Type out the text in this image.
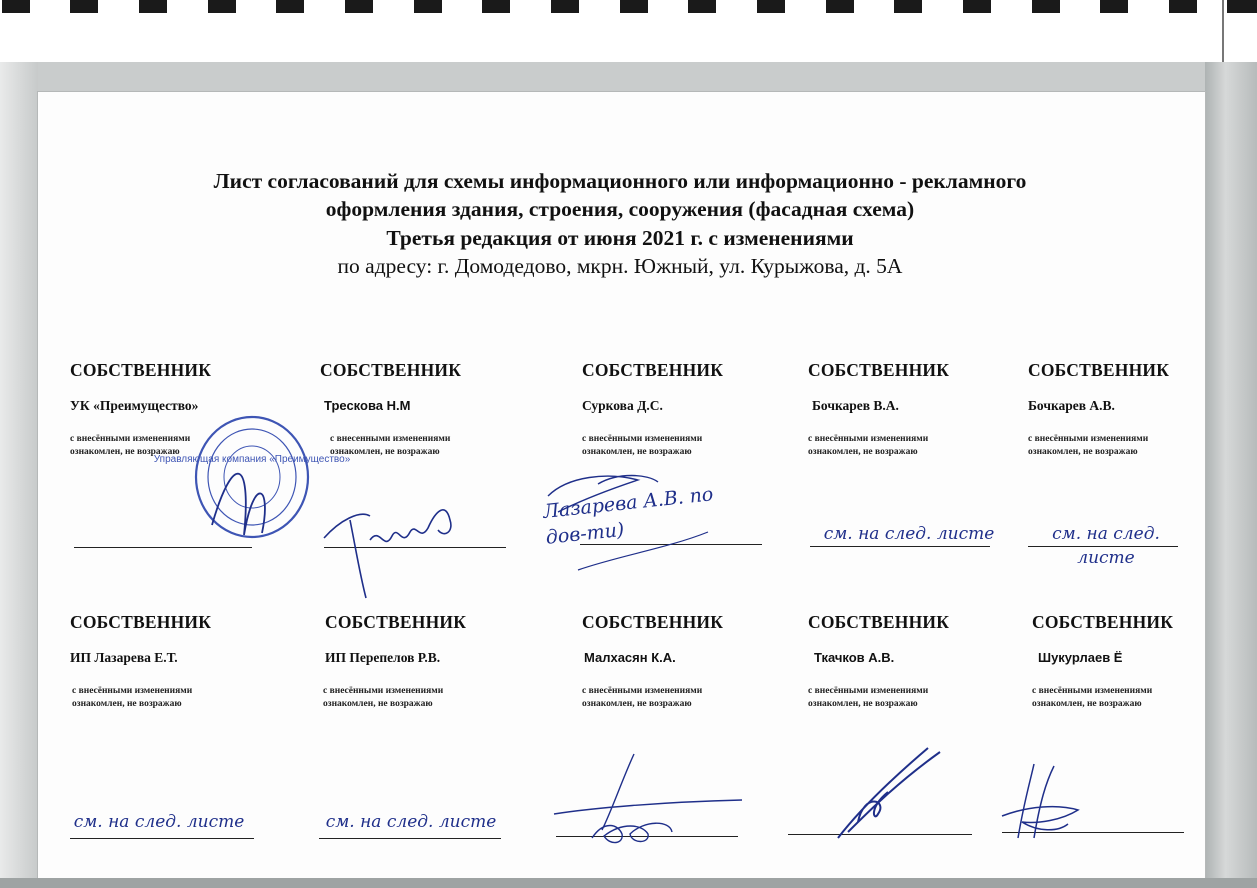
Лист согласований для схемы информационного или информационно - рекламного
оформления здания, строения, сооружения (фасадная схема)
Третья редакция от июня 2021 г. с изменениями
по адресу: г. Домодедово, мкрн. Южный, ул. Курыжова, д. 5А
СОБСТВЕННИК
УК «Преимущество»
с внесёнными изменениями
ознакомлен, не возражаю
Управляющая компания «Преимущество»
СОБСТВЕННИК
Трескова Н.М
с внесенными изменениями
ознакомлен, не возражаю
СОБСТВЕННИК
Суркова Д.С.
с внесёнными изменениями
ознакомлен, не возражаю
Лазарева А.В. по дов-ти)
СОБСТВЕННИК
Бочкарев В.А.
с внесёнными изменениями
ознакомлен, не возражаю
см. на след. листе
СОБСТВЕННИК
Бочкарев А.В.
с внесёнными изменениями
ознакомлен, не возражаю
см. на след. листе
СОБСТВЕННИК
ИП Лазарева Е.Т.
с внесёнными изменениями
ознакомлен, не возражаю
см. на след. листе
СОБСТВЕННИК
ИП Перепелов Р.В.
с внесёнными изменениями
ознакомлен, не возражаю
см. на след. листе
СОБСТВЕННИК
Малхасян К.А.
с внесёнными изменениями
ознакомлен, не возражаю
СОБСТВЕННИК
Ткачков А.В.
с внесёнными изменениями
ознакомлен, не возражаю
СОБСТВЕННИК
Шукурлаев Ё
с внесёнными изменениями
ознакомлен, не возражаю
